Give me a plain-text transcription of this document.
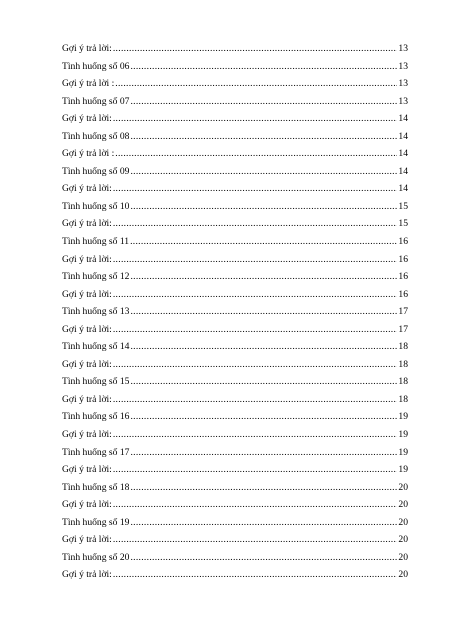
Gợi ý trả lời: .....	13
Tình huống số 06 .....	13
Gợi ý trả lời : .....	13
Tình huống số 07 .....	13
Gợi ý trả lời: .....	14
Tình huống số 08 .....	14
Gợi ý trả lời : .....	14
Tình huống số 09 .....	14
Gợi ý trả lời: .....	14
Tình huống số 10 .....	15
Gợi ý trả lời: .....	15
Tình huống số 11 .....	16
Gợi ý trả lời: .....	16
Tình huống số 12 .....	16
Gợi ý trả lời: .....	16
Tình huống số 13 .....	17
Gợi ý trả lời: .....	17
Tình huống số 14 .....	18
Gợi ý trả lời: .....	18
Tình huống số 15 .....	18
Gợi ý trả lời: .....	18
Tình huống số 16 .....	19
Gợi ý trả lời: .....	19
Tình huống số 17 .....	19
Gợi ý trả lời: .....	19
Tình huống số 18 .....	20
Gợi ý trả lời: .....	20
Tình huống số 19 .....	20
Gợi ý trả lời: .....	20
Tình huống số 20 .....	20
Gợi ý trả lời: .....	20
